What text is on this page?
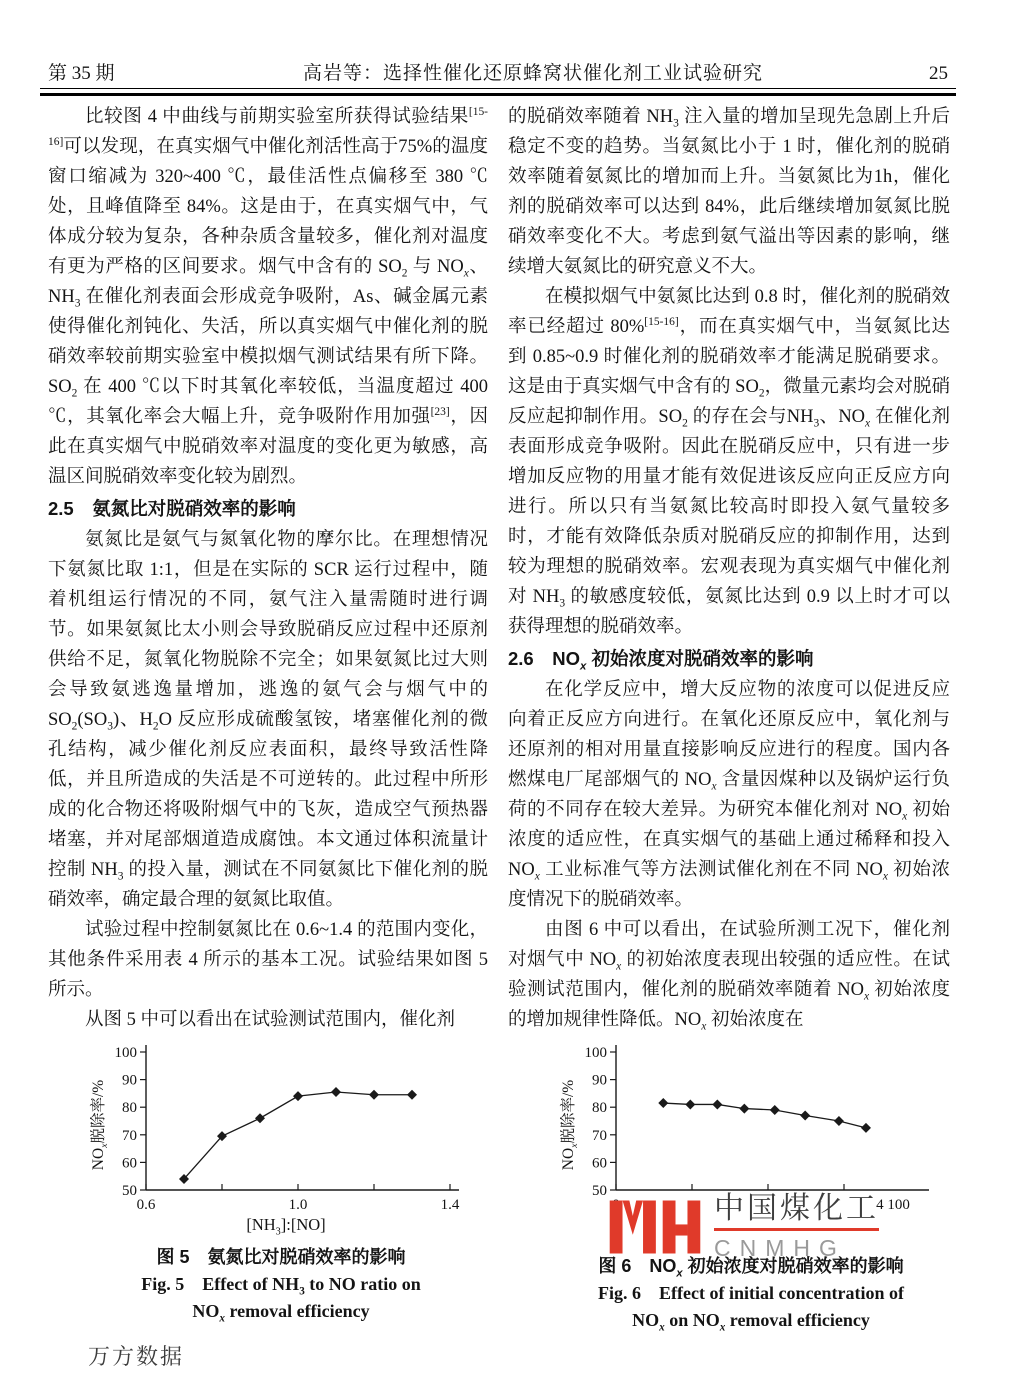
第 35 期	高岩等：选择性催化还原蜂窝状催化剂工业试验研究	25

比较图 4 中曲线与前期实验室所获得试验结果[15-16]可以发现，在真实烟气中催化剂活性高于75%的温度窗口缩减为 320~400 ℃，最佳活性点偏移至 380 ℃处，且峰值降至 84%。这是由于，在真实烟气中，气体成分较为复杂，各种杂质含量较多，催化剂对温度有更为严格的区间要求。烟气中含有的 $SO_2$ 与 $NO_x$、$NH_3$ 在催化剂表面会形成竞争吸附，As、碱金属元素使得催化剂钝化、失活，所以真实烟气中催化剂的脱硝效率较前期实验室中模拟烟气测试结果有所下降。$SO_2$ 在 400 ℃以下时其氧化率较低，当温度超过 400 ℃，其氧化率会大幅上升，竞争吸附作用加强[23]，因此在真实烟气中脱硝效率对温度的变化更为敏感，高温区间脱硝效率变化较为剧烈。

2.5　氨氮比对脱硝效率的影响

氨氮比是氨气与氮氧化物的摩尔比。在理想情况下氨氮比取 1:1，但是在实际的 SCR 运行过程中，随着机组运行情况的不同，氨气注入量需随时进行调节。如果氨氮比太小则会导致脱硝反应过程中还原剂供给不足，氮氧化物脱除不完全；如果氨氮比过大则会导致氨逃逸量增加，逃逸的氨气会与烟气中的 $SO_2(SO_3)$、$H_2O$ 反应形成硫酸氢铵，堵塞催化剂的微孔结构，减少催化剂反应表面积，最终导致活性降低，并且所造成的失活是不可逆转的。此过程中所形成的化合物还将吸附烟气中的飞灰，造成空气预热器堵塞，并对尾部烟道造成腐蚀。本文通过体积流量计控制 $NH_3$ 的投入量，测试在不同氨氮比下催化剂的脱硝效率，确定最合理的氨氮比取值。

试验过程中控制氨氮比在 0.6~1.4 的范围内变化，其他条件采用表 4 所示的基本工况。试验结果如图 5 所示。

从图 5 中可以看出在试验测试范围内，催化剂

的脱硝效率随着 $NH_3$ 注入量的增加呈现先急剧上升后稳定不变的趋势。当氨氮比小于 1 时，催化剂的脱硝效率随着氨氮比的增加而上升。当氨氮比为1h，催化剂的脱硝效率可以达到 84%，此后继续增加氨氮比脱硝效率变化不大。考虑到氨气溢出等因素的影响，继续增大氨氮比的研究意义不大。

在模拟烟气中氨氮比达到 0.8 时，催化剂的脱硝效率已经超过 80%[15-16]，而在真实烟气中，当氨氮比达到 0.85~0.9 时催化剂的脱硝效率才能满足脱硝要求。这是由于真实烟气中含有的 $SO_2$，微量元素均会对脱硝反应起抑制作用。$SO_2$ 的存在会与$NH_3$、$NO_x$ 在催化剂表面形成竞争吸附。因此在脱硝反应中，只有进一步增加反应物的用量才能有效促进该反应向正反应方向进行。所以只有当氨氮比较高时即投入氨气量较多时，才能有效降低杂质对脱硝反应的抑制作用，达到较为理想的脱硝效率。宏观表现为真实烟气中催化剂对 $NH_3$ 的敏感度较低，氨氮比达到 0.9 以上时才可以获得理想的脱硝效率。

2.6　$NO_x$ 初始浓度对脱硝效率的影响

在化学反应中，增大反应物的浓度可以促进反应向着正反应方向进行。在氧化还原反应中，氧化剂与还原剂的相对用量直接影响反应进行的程度。国内各燃煤电厂尾部烟气的 $NO_x$ 含量因煤种以及锅炉运行负荷的不同存在较大差异。为研究本催化剂对 $NO_x$ 初始浓度的适应性，在真实烟气的基础上通过稀释和投入 $NO_x$ 工业标准气等方法测试催化剂在不同 $NO_x$ 初始浓度情况下的脱硝效率。

由图 6 中可以看出，在试验所测工况下，催化剂对烟气中 $NO_x$ 的初始浓度表现出较强的适应性。在试验测试范围内，催化剂的脱硝效率随着 $NO_x$ 初始浓度的增加规律性降低。$NO_x$ 初始浓度在

$NO_x$脱除率/%
50
60
70
80
90
100
0.6	1.0	1.4
$[NH_3]:[NO]$
图 5　氨氮比对脱硝效率的影响
Fig. 5　Effect of $NH_3$ to NO ratio on
$NO_x$ removal efficiency
$NO_x$脱除率/%
50
60
70
80
90
100
4 100
图 6　$NO_x$ 初始浓度对脱硝效率的影响
Fig. 6　Effect of initial concentration of
$NO_x$ on $NO_x$ removal efficiency
中国煤化工
CNMHG
万方数据
